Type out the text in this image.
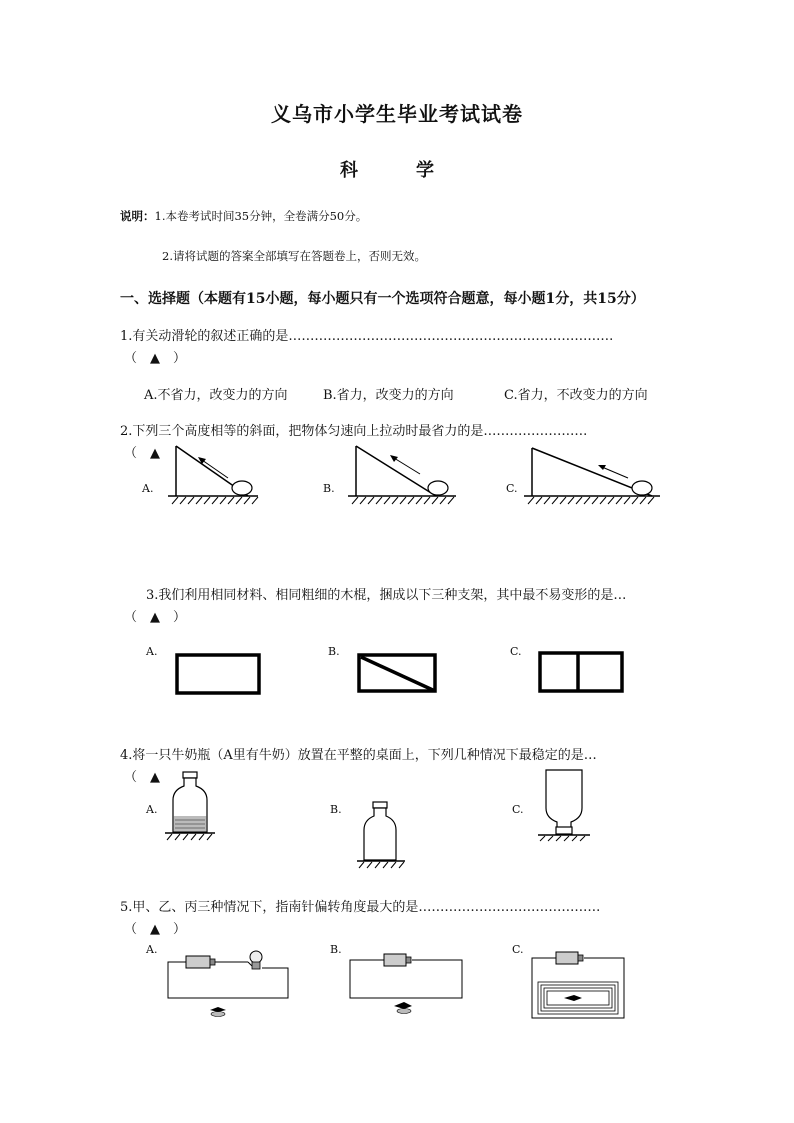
义乌市小学生毕业考试试卷
科　学
说明：1.本卷考试时间35分钟，全卷满分50分。
2.请将试题的答案全部填写在答题卷上，否则无效。
一、选择题（本题有15小题，每小题只有一个选项符合题意，每小题1分，共15分）
1.有关动滑轮的叙述正确的是…………………………………………………………………
（　▲　）
A.不省力，改变力的方向	B.省力，改变力的方向	C.省力，不改变力的方向
2.下列三个高度相等的斜面，把物体匀速向上拉动时最省力的是……………………
（　▲
A.	B.	C.
3.我们利用相同材料、相同粗细的木棍，捆成以下三种支架，其中最不易变形的是…
（　▲　）
A.	B.	C.
4.将一只牛奶瓶（A里有牛奶）放置在平整的桌面上，下列几种情况下最稳定的是…
（　▲
A.	B.	C.
5.甲、乙、丙三种情况下，指南针偏转角度最大的是……………………………………
（　▲　）
A.	B.	C.
